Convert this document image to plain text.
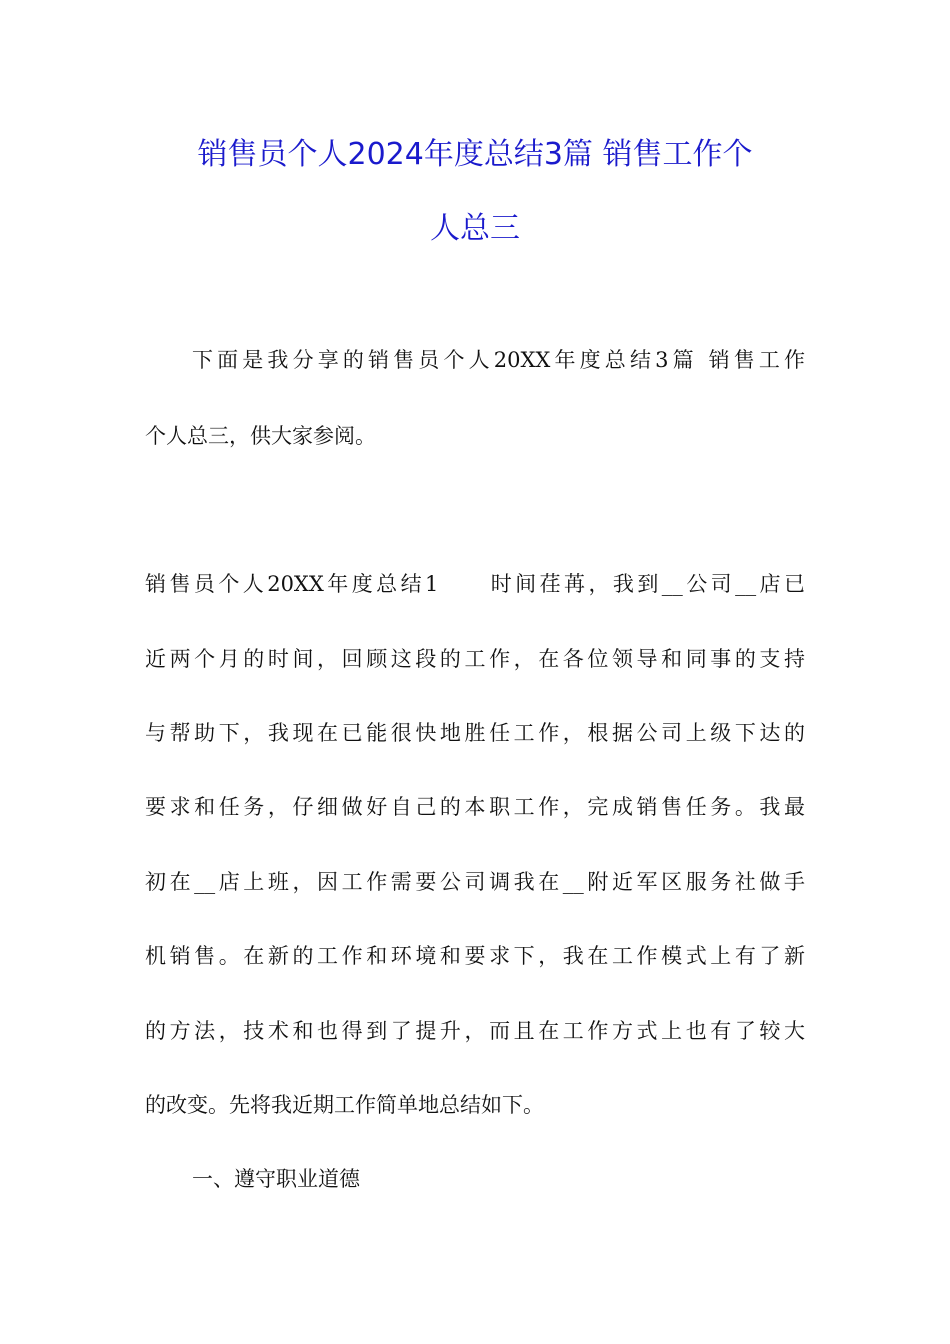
销售员个人2024年度总结3篇 销售工作个
人总三
下面是我分享的销售员个人20XX年度总结3篇 销售工作
个人总三，供大家参阅。
销售员个人20XX年度总结1　　时间荏苒，我到__公司__店已
近两个月的时间，回顾这段的工作，在各位领导和同事的支持
与帮助下，我现在已能很快地胜任工作，根据公司上级下达的
要求和任务，仔细做好自己的本职工作，完成销售任务。我最
初在__店上班，因工作需要公司调我在__附近军区服务社做手
机销售。在新的工作和环境和要求下，我在工作模式上有了新
的方法，技术和也得到了提升，而且在工作方式上也有了较大
的改变。先将我近期工作简单地总结如下。
一、遵守职业道德
